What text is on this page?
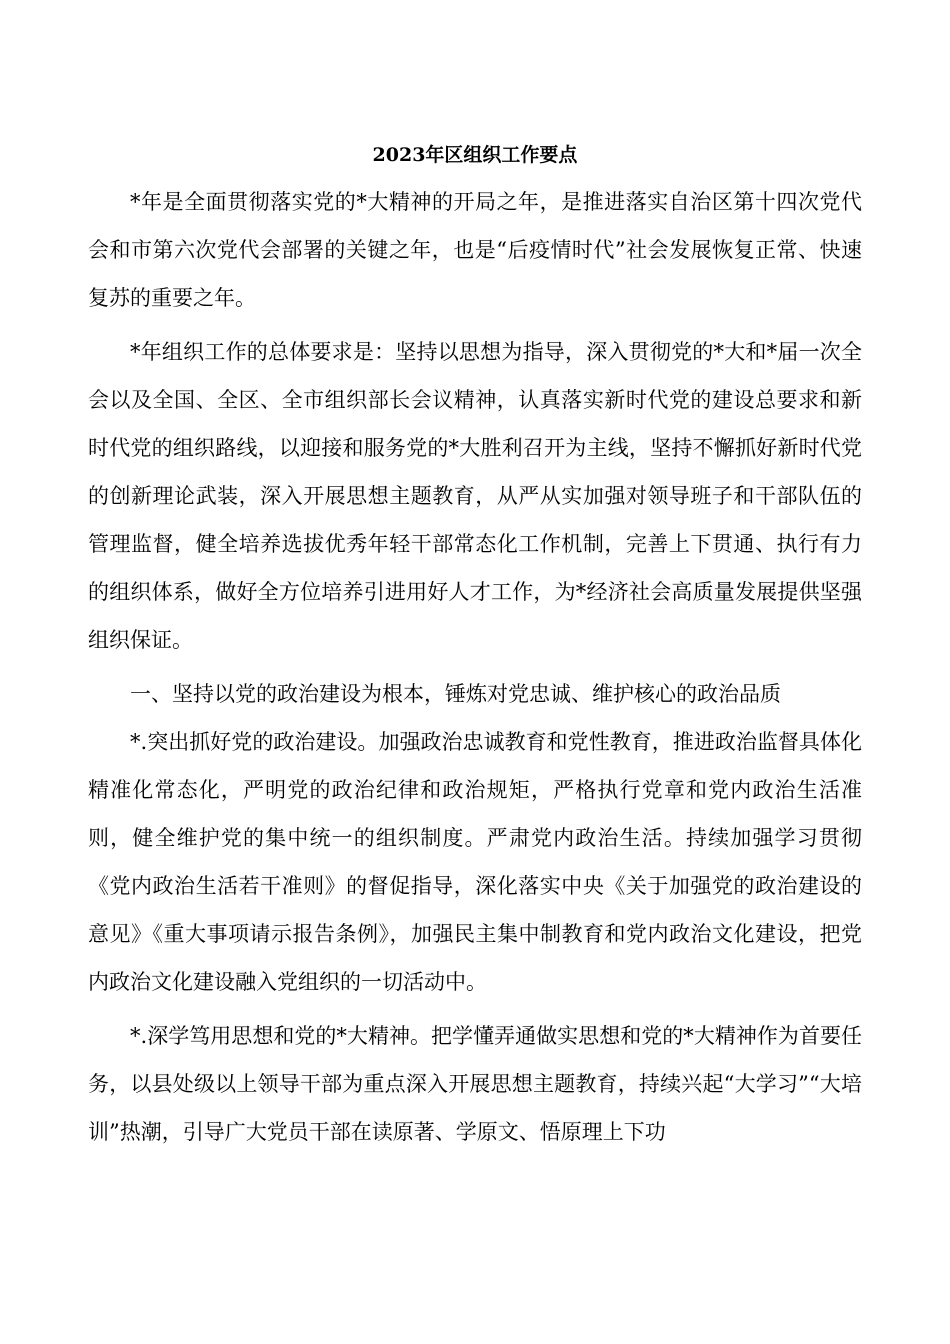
2023年区组织工作要点

*年是全面贯彻落实党的*大精神的开局之年，是推进落实自治区第十四次党代会和市第六次党代会部署的关键之年，也是“后疫情时代”社会发展恢复正常、快速复苏的重要之年。

*年组织工作的总体要求是：坚持以思想为指导，深入贯彻党的*大和*届一次全会以及全国、全区、全市组织部长会议精神，认真落实新时代党的建设总要求和新时代党的组织路线，以迎接和服务党的*大胜利召开为主线，坚持不懈抓好新时代党的创新理论武装，深入开展思想主题教育，从严从实加强对领导班子和干部队伍的管理监督，健全培养选拔优秀年轻干部常态化工作机制，完善上下贯通、执行有力的组织体系，做好全方位培养引进用好人才工作，为*经济社会高质量发展提供坚强组织保证。

一、坚持以党的政治建设为根本，锤炼对党忠诚、维护核心的政治品质

*.突出抓好党的政治建设。加强政治忠诚教育和党性教育，推进政治监督具体化精准化常态化，严明党的政治纪律和政治规矩，严格执行党章和党内政治生活准则，健全维护党的集中统一的组织制度。严肃党内政治生活。持续加强学习贯彻《党内政治生活若干准则》的督促指导，深化落实中央《关于加强党的政治建设的意见》《重大事项请示报告条例》，加强民主集中制教育和党内政治文化建设，把党内政治文化建设融入党组织的一切活动中。

*.深学笃用思想和党的*大精神。把学懂弄通做实思想和党的*大精神作为首要任务，以县处级以上领导干部为重点深入开展思想主题教育，持续兴起“大学习”“大培训”热潮，引导广大党员干部在读原著、学原文、悟原理上下功
